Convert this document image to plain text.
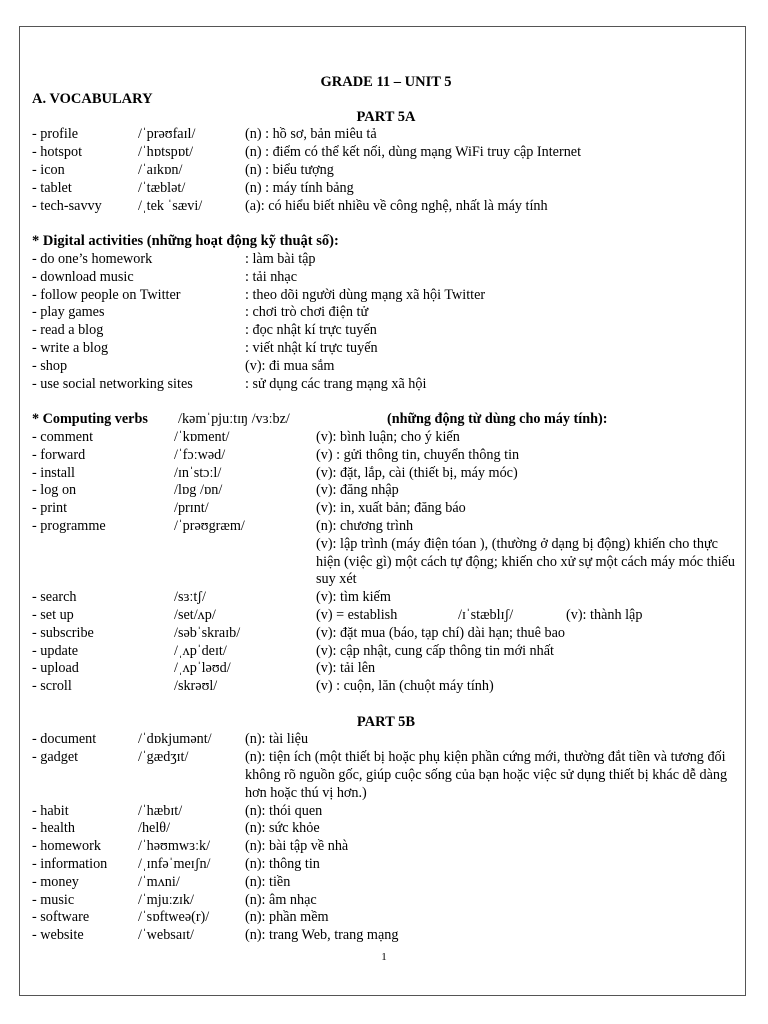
GRADE 11 – UNIT 5
A. VOCABULARY
PART 5A
- profile	/ˈprəʊfaɪl/	(n) : hồ sơ, bản miêu tả
- hotspot	/ˈhɒtspɒt/	(n) : điểm có thể kết nối, dùng mạng WiFi truy cập Internet
- icon	/ˈaɪkɒn/	(n) : biểu tượng
- tablet	/ˈtæblət/	(n) : máy tính bảng
- tech-savvy	/ˌtek ˈsævi/	(a): có hiểu biết nhiều về công nghệ, nhất là máy tính
* Digital activities (những hoạt động kỹ thuật số):
- do one’s homework	: làm bài tập
- download music	: tải nhạc
- follow people on Twitter	: theo dõi người dùng mạng xã hội Twitter
- play games	: chơi trò chơi điện tử
- read a blog	: đọc nhật kí trực tuyến
- write a blog	: viết nhật kí trực tuyến
- shop	(v): đi mua sắm
- use social networking sites	: sử dụng các trang mạng xã hội
* Computing verbs /kəmˈpjuːtɪŋ /vɜːbz/	(những động từ dùng cho máy tính):
- comment	/ˈkɒment/	(v): bình luận; cho ý kiến
- forward	/ˈfɔːwəd/	(v) : gửi thông tin, chuyển thông tin
- install	/ɪnˈstɔːl/	(v): đặt, lắp, cài (thiết bị, máy móc)
- log on	/lɒg /ɒn/	(v): đăng nhập
- print	/prɪnt/	(v): in, xuất bản; đăng báo
- programme	/ˈprəʊgræm/	(n): chương trình
(v): lập trình (máy điện tóan ), (thường ở dạng bị động) khiến cho thực hiện (việc gì) một cách tự động; khiến cho xử sự một cách máy móc thiếu suy xét
- search	/sɜːtʃ/	(v): tìm kiếm
- set up	/set/ʌp/	(v) = establish	/ɪˈstæblɪʃ/	(v): thành lập
- subscribe	/səbˈskraɪb/	(v): đặt mua (báo, tạp chí) dài hạn; thuê bao
- update	/ˌʌpˈdeɪt/	(v): cập nhật, cung cấp thông tin mới nhất
- upload	/ˌʌpˈləʊd/	(v): tải lên
- scroll	/skrəʊl/	(v) : cuộn, lăn (chuột máy tính)
PART 5B
- document	/ˈdɒkjumənt/ (n): tài liệu
- gadget	/ˈgædʒɪt/	(n): tiện ích (một thiết bị hoặc phụ kiện phần cứng mới, thường đắt tiền và tương đối không rõ nguồn gốc, giúp cuộc sống của bạn hoặc việc sử dụng thiết bị khác dễ dàng hơn hoặc thú vị hơn.)
- habit	/ˈhæbɪt/	(n): thói quen
- health	/helθ/	(n): sức khỏe
- homework	/ˈhəʊmwɜːk/ (n): bài tập về nhà
- information /ˌɪnfəˈmeɪʃn/ (n): thông tin
- money	/ˈmʌni/	(n): tiền
- music	/ˈmjuːzɪk/	(n): âm nhạc
- software	/ˈsɒftweə(r)/	(n): phần mềm
- website	/ˈwebsaɪt/	(n): trang Web, trang mạng
1
